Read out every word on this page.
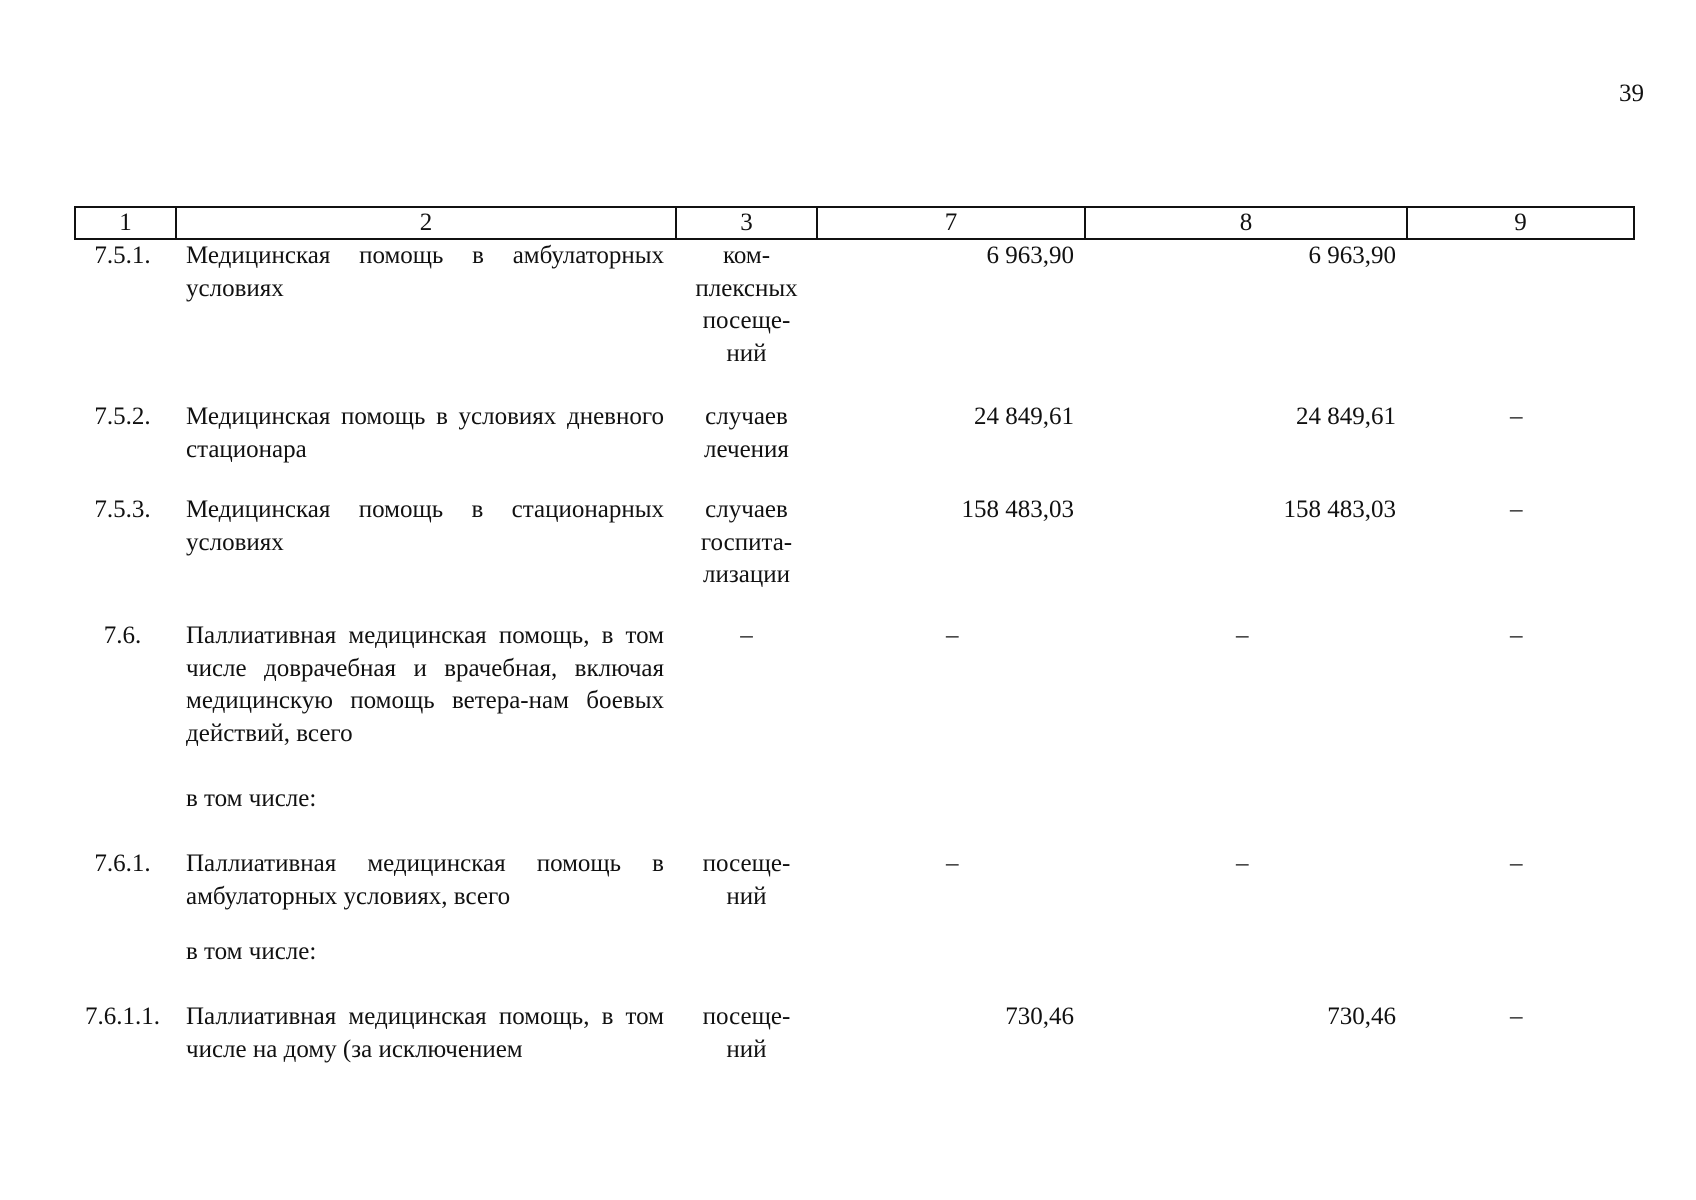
39
1	2	3	7	8	9
7.5.1.	Медицинская помощь в амбулаторных условиях	ком-
плексных
посеще-
ний	6 963,90	6 963,90	
7.5.2.	Медицинская помощь в условиях дневного стационара	случаев
лечения	24 849,61	24 849,61	–
7.5.3.	Медицинская помощь в стационарных условиях	случаев
госпита-
лизации	158 483,03	158 483,03	–
7.6.	Паллиативная медицинская помощь, в том числе доврачебная и врачебная, включая медицинскую помощь ветера-нам боевых действий, всего	–	–	–	–
	в том числе:				
7.6.1.	Паллиативная медицинская помощь в амбулаторных условиях, всего	посеще-
ний	–	–	–
	в том числе:				
7.6.1.1.	Паллиативная медицинская помощь, в том числе на дому (за исключением	посеще-
ний	730,46	730,46	–
